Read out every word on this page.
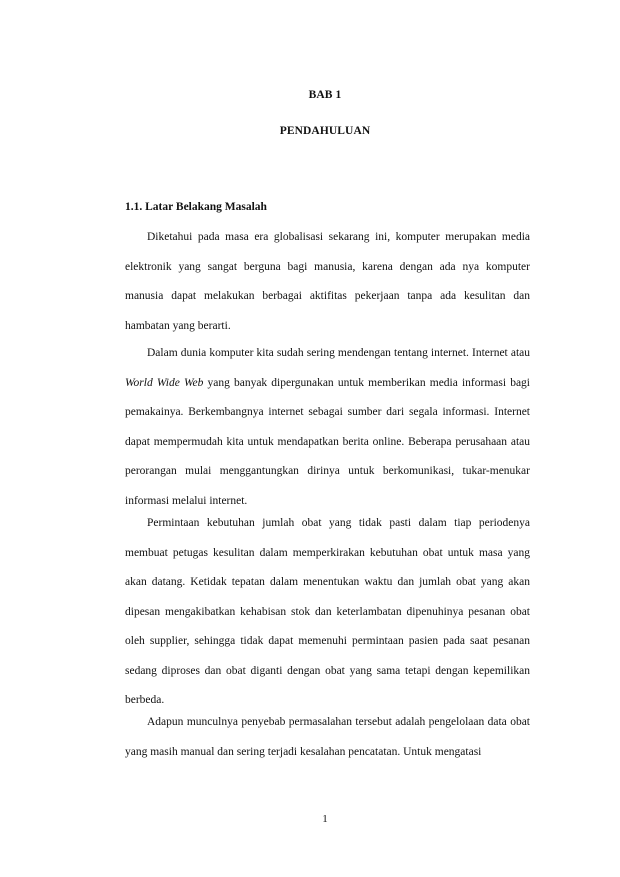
BAB 1
PENDAHULUAN
1.1. Latar Belakang Masalah

Diketahui pada masa era globalisasi sekarang ini, komputer merupakan media elektronik yang sangat berguna bagi manusia, karena dengan ada nya komputer manusia dapat melakukan berbagai aktifitas pekerjaan tanpa ada kesulitan dan hambatan yang berarti.

Dalam dunia komputer kita sudah sering mendengan tentang internet. Internet atau World Wide Web yang banyak dipergunakan untuk memberikan media informasi bagi pemakainya. Berkembangnya internet sebagai sumber dari segala informasi. Internet dapat mempermudah kita untuk mendapatkan berita online. Beberapa perusahaan atau perorangan mulai menggantungkan dirinya untuk berkomunikasi, tukar-menukar informasi melalui internet.

Permintaan kebutuhan jumlah obat yang tidak pasti dalam tiap periodenya membuat petugas kesulitan dalam memperkirakan kebutuhan obat untuk masa yang akan datang. Ketidak tepatan dalam menentukan waktu dan jumlah obat yang akan dipesan mengakibatkan kehabisan stok dan keterlambatan dipenuhinya pesanan obat oleh supplier, sehingga tidak dapat memenuhi permintaan pasien pada saat pesanan sedang diproses dan obat diganti dengan obat yang sama tetapi dengan kepemilikan berbeda.

Adapun munculnya penyebab permasalahan tersebut adalah pengelolaan data obat yang masih manual dan sering terjadi kesalahan pencatatan. Untuk mengatasi

1
